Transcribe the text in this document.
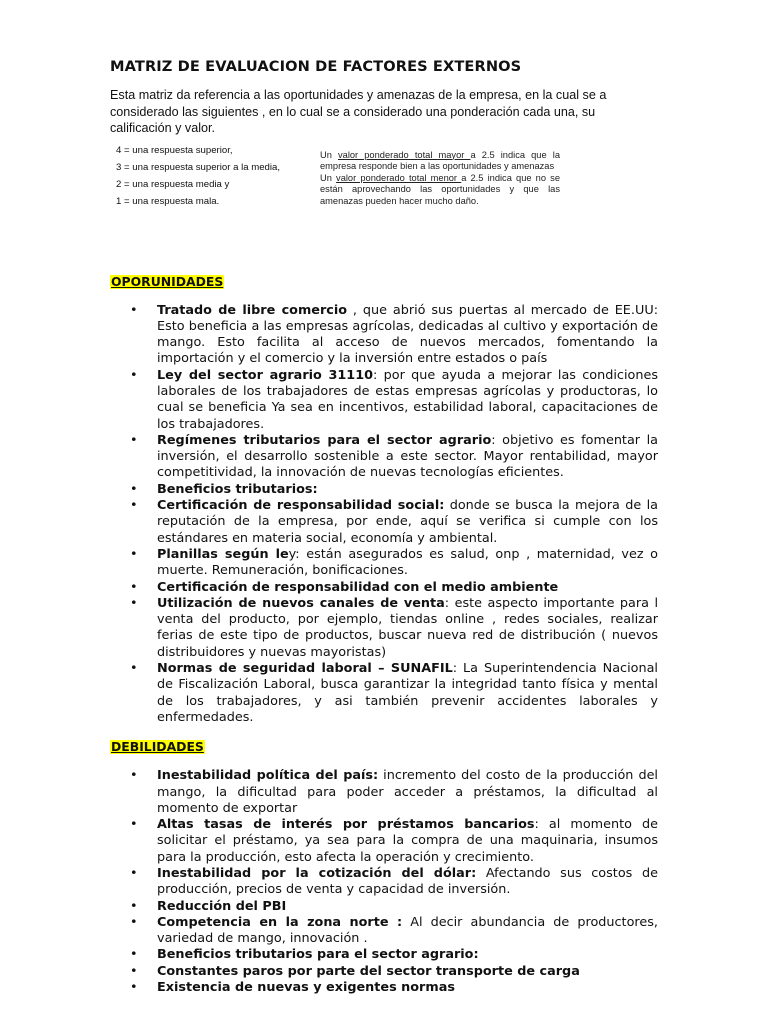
MATRIZ DE EVALUACION DE FACTORES EXTERNOS

Esta matriz da referencia a las oportunidades y amenazas de la empresa, en la cual se a considerado las siguientes , en lo cual se a considerado una ponderación cada una, su calificación y valor.

4 = una respuesta superior,
3 = una respuesta superior a la media,
2 = una respuesta media y
1 = una respuesta mala.

Un valor ponderado total mayor a 2.5 indica que la empresa responde bien a las oportunidades y amenazas

Un valor ponderado total menor a 2.5 indica que no se están aprovechando las oportunidades y que las amenazas pueden hacer mucho daño.

OPORUNIDADES
• Tratado de libre comercio , que abrió sus puertas al mercado de EE.UU: Esto beneficia a las empresas agrícolas, dedicadas al cultivo y exportación de mango. Esto facilita al acceso de nuevos mercados, fomentando la importación y el comercio y la inversión entre estados o país
• Ley del sector agrario 31110: por que ayuda a mejorar las condiciones laborales de los trabajadores de estas empresas agrícolas y productoras, lo cual se beneficia Ya sea en incentivos, estabilidad laboral, capacitaciones de los trabajadores.
• Regímenes tributarios para el sector agrario: objetivo es fomentar la inversión, el desarrollo sostenible a este sector. Mayor rentabilidad, mayor competitividad, la innovación de nuevas tecnologías eficientes.
• Beneficios tributarios:
• Certificación de responsabilidad social: donde se busca la mejora de la reputación de la empresa, por ende, aquí se verifica si cumple con los estándares en materia social, economía y ambiental.
• Planillas según ley: están asegurados es salud, onp , maternidad, vez o muerte. Remuneración, bonificaciones.
• Certificación de responsabilidad con el medio ambiente
• Utilización de nuevos canales de venta: este aspecto importante para l venta del producto, por ejemplo, tiendas online , redes sociales, realizar ferias de este tipo de productos, buscar nueva red de distribución ( nuevos distribuidores y nuevas mayoristas)
• Normas de seguridad laboral – SUNAFIL: La Superintendencia Nacional de Fiscalización Laboral, busca garantizar la integridad tanto física y mental de los trabajadores, y asi también prevenir accidentes laborales y enfermedades.
DEBILIDADES
• Inestabilidad política del país: incremento del costo de la producción del mango, la dificultad para poder acceder a préstamos, la dificultad al momento de exportar
• Altas tasas de interés por préstamos bancarios: al momento de solicitar el préstamo, ya sea para la compra de una maquinaria, insumos para la producción, esto afecta la operación y crecimiento.
• Inestabilidad por la cotización del dólar: Afectando sus costos de producción, precios de venta y capacidad de inversión.
• Reducción del PBI
• Competencia en la zona norte : Al decir abundancia de productores, variedad de mango, innovación .
• Beneficios tributarios para el sector agrario:
• Constantes paros por parte del sector transporte de carga
• Existencia de nuevas y exigentes normas
